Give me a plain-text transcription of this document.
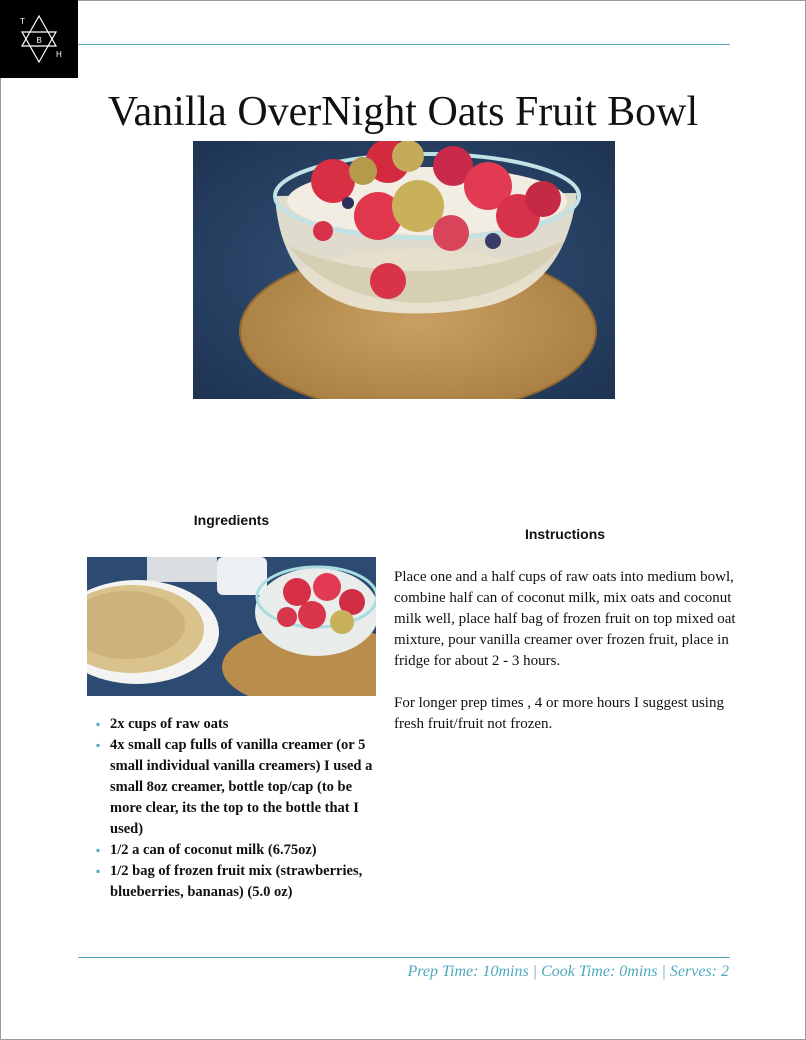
T
B
H
Vanilla OverNight Oats Fruit Bowl
Ingredients
Instructions
▪ 2x cups of raw oats
▪ 4x small cap fulls of vanilla creamer (or 5 small individual vanilla creamers) I used a small 8oz creamer, bottle top/cap (to be more clear, its the top to the bottle that I used)
▪ 1/2 a can of coconut milk (6.75oz)
▪ 1/2 bag of frozen fruit mix (strawberries, blueberries, bananas) (5.0 oz)

Place one and a half cups of raw oats into medium bowl, combine half can of coconut milk, mix oats and coconut milk well, place half bag of frozen fruit on top mixed oat mixture, pour vanilla creamer over frozen fruit, place in fridge for about 2 - 3 hours.

For longer prep times , 4 or more hours I suggest using fresh fruit/fruit not frozen.

Prep Time: 10mins | Cook Time: 0mins | Serves: 2
